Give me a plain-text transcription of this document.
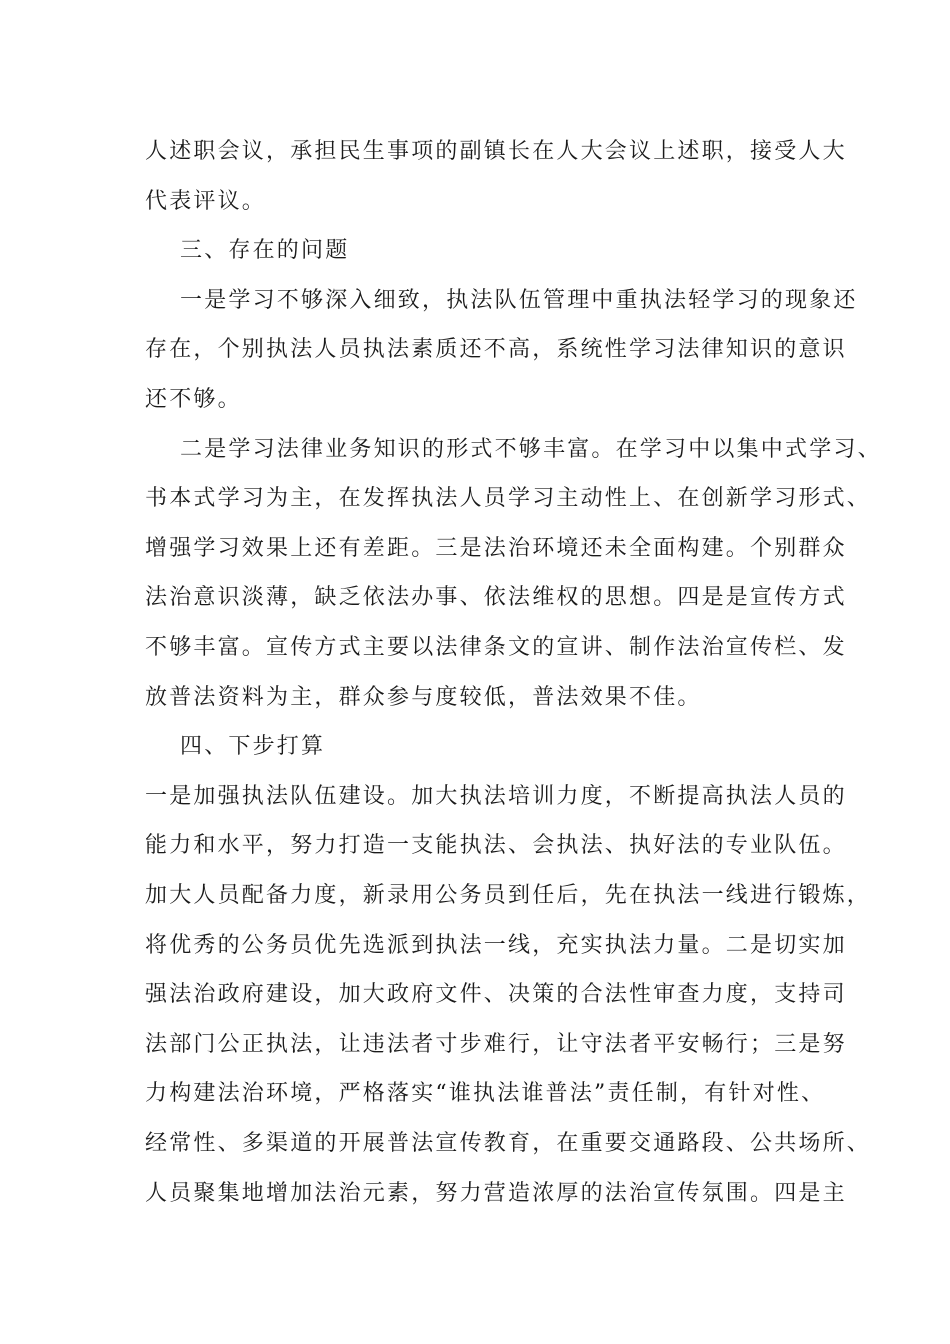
人述职会议，承担民生事项的副镇长在人大会议上述职，接受人大
代表评议。
三、存在的问题
一是学习不够深入细致，执法队伍管理中重执法轻学习的现象还
存在，个别执法人员执法素质还不高，系统性学习法律知识的意识
还不够。
二是学习法律业务知识的形式不够丰富。在学习中以集中式学习、
书本式学习为主，在发挥执法人员学习主动性上、在创新学习形式、
增强学习效果上还有差距。三是法治环境还未全面构建。个别群众
法治意识淡薄，缺乏依法办事、依法维权的思想。四是是宣传方式
不够丰富。宣传方式主要以法律条文的宣讲、制作法治宣传栏、发
放普法资料为主，群众参与度较低，普法效果不佳。
四、下步打算
一是加强执法队伍建设。加大执法培训力度，不断提高执法人员的
能力和水平，努力打造一支能执法、会执法、执好法的专业队伍。
加大人员配备力度，新录用公务员到任后，先在执法一线进行锻炼，
将优秀的公务员优先选派到执法一线，充实执法力量。二是切实加
强法治政府建设，加大政府文件、决策的合法性审查力度，支持司
法部门公正执法，让违法者寸步难行，让守法者平安畅行；三是努
力构建法治环境，严格落实“谁执法谁普法”责任制，有针对性、
经常性、多渠道的开展普法宣传教育，在重要交通路段、公共场所、
人员聚集地增加法治元素，努力营造浓厚的法治宣传氛围。四是主
